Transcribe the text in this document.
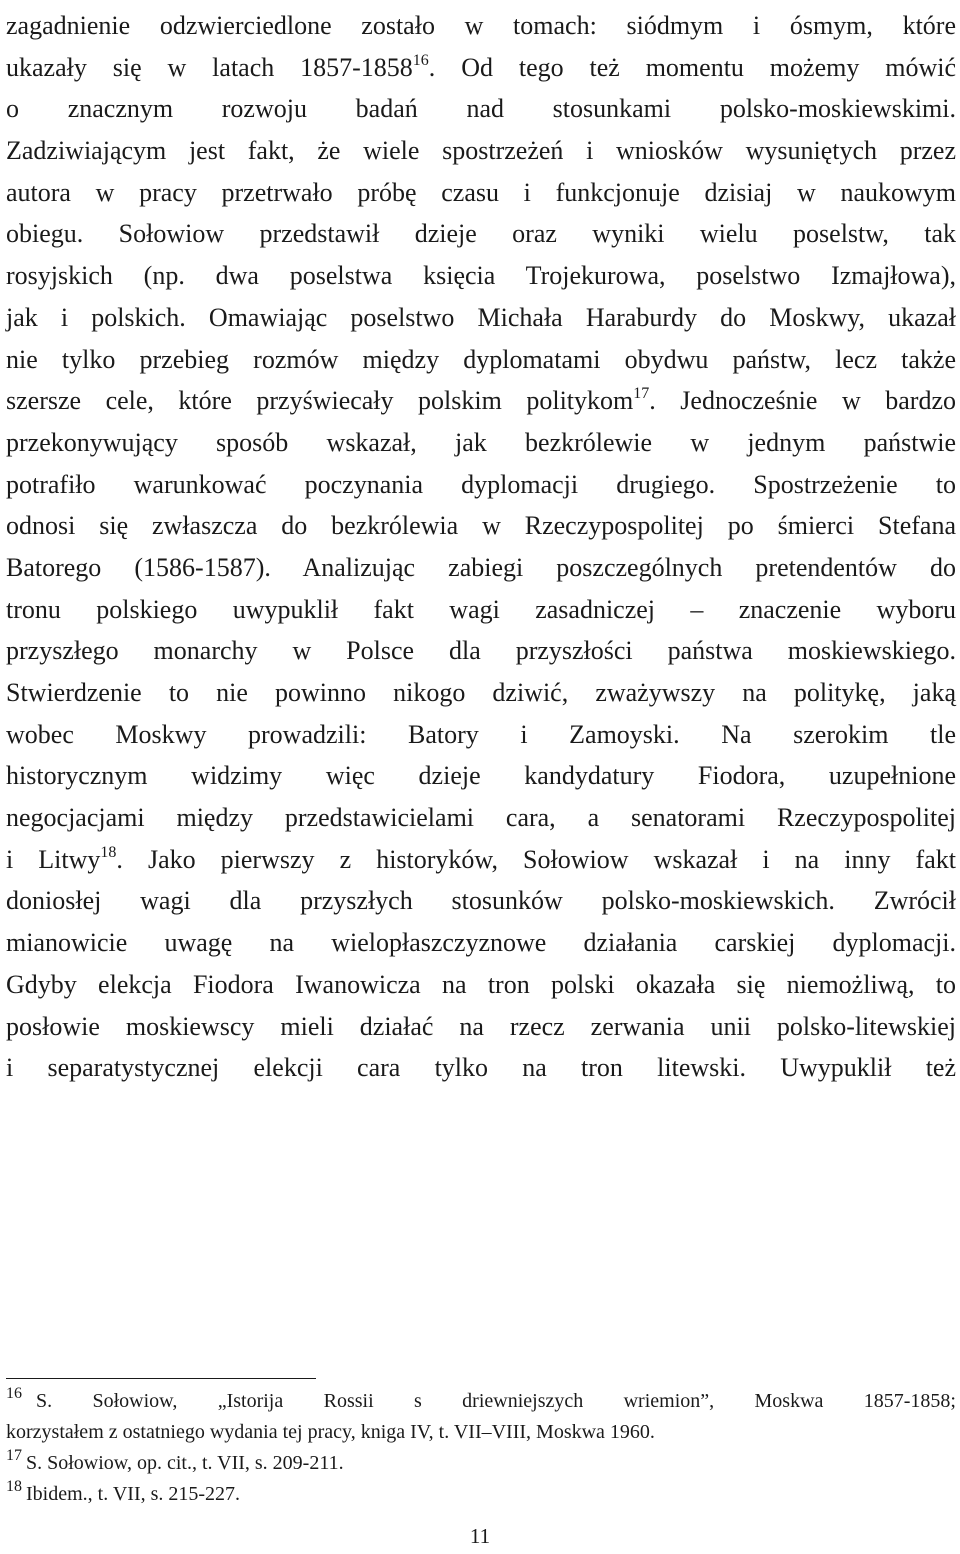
zagadnienie odzwierciedlone zostało w tomach: siódmym i ósmym, które
ukazały się w latach 1857-1858$^{16}$. Od tego też momentu możemy mówić
o znacznym rozwoju badań nad stosunkami polsko-moskiewskimi.
Zadziwiającym jest fakt, że wiele spostrzeżeń i wniosków wysuniętych przez
autora w pracy przetrwało próbę czasu i funkcjonuje dzisiaj w naukowym
obiegu. Sołowiow przedstawił dzieje oraz wyniki wielu poselstw, tak
rosyjskich (np. dwa poselstwa księcia Trojekurowa, poselstwo Izmajłowa),
jak i polskich. Omawiając poselstwo Michała Haraburdy do Moskwy, ukazał
nie tylko przebieg rozmów między dyplomatami obydwu państw, lecz także
szersze cele, które przyświecały polskim politykom$^{17}$. Jednocześnie w bardzo
przekonywujący sposób wskazał, jak bezkrólewie w jednym państwie
potrafiło warunkować poczynania dyplomacji drugiego. Spostrzeżenie to
odnosi się zwłaszcza do bezkrólewia w Rzeczypospolitej po śmierci Stefana
Batorego (1586-1587). Analizując zabiegi poszczególnych pretendentów do
tronu polskiego uwypuklił fakt wagi zasadniczej – znaczenie wyboru
przyszłego monarchy w Polsce dla przyszłości państwa moskiewskiego.
Stwierdzenie to nie powinno nikogo dziwić, zważywszy na politykę, jaką
wobec Moskwy prowadzili: Batory i Zamoyski. Na szerokim tle
historycznym widzimy więc dzieje kandydatury Fiodora, uzupełnione
negocjacjami między przedstawicielami cara, a senatorami Rzeczypospolitej
i Litwy$^{18}$. Jako pierwszy z historyków, Sołowiow wskazał i na inny fakt
doniosłej wagi dla przyszłych stosunków polsko-moskiewskich. Zwrócił
mianowicie uwagę na wielopłaszczyznowe działania carskiej dyplomacji.
Gdyby elekcja Fiodora Iwanowicza na tron polski okazała się niemożliwą, to
posłowie moskiewscy mieli działać na rzecz zerwania unii polsko-litewskiej
i separatystycznej elekcji cara tylko na tron litewski. Uwypuklił też
$^{16}$ S. Sołowiow, „Istorija Rossii s driewniejszych wriemion”, Moskwa 1857-1858;
korzystałem z ostatniego wydania tej pracy, kniga IV, t. VII–VIII, Moskwa 1960.
$^{17}$ S. Sołowiow, op. cit., t. VII, s. 209-211.
$^{18}$ Ibidem., t. VII, s. 215-227.
11
